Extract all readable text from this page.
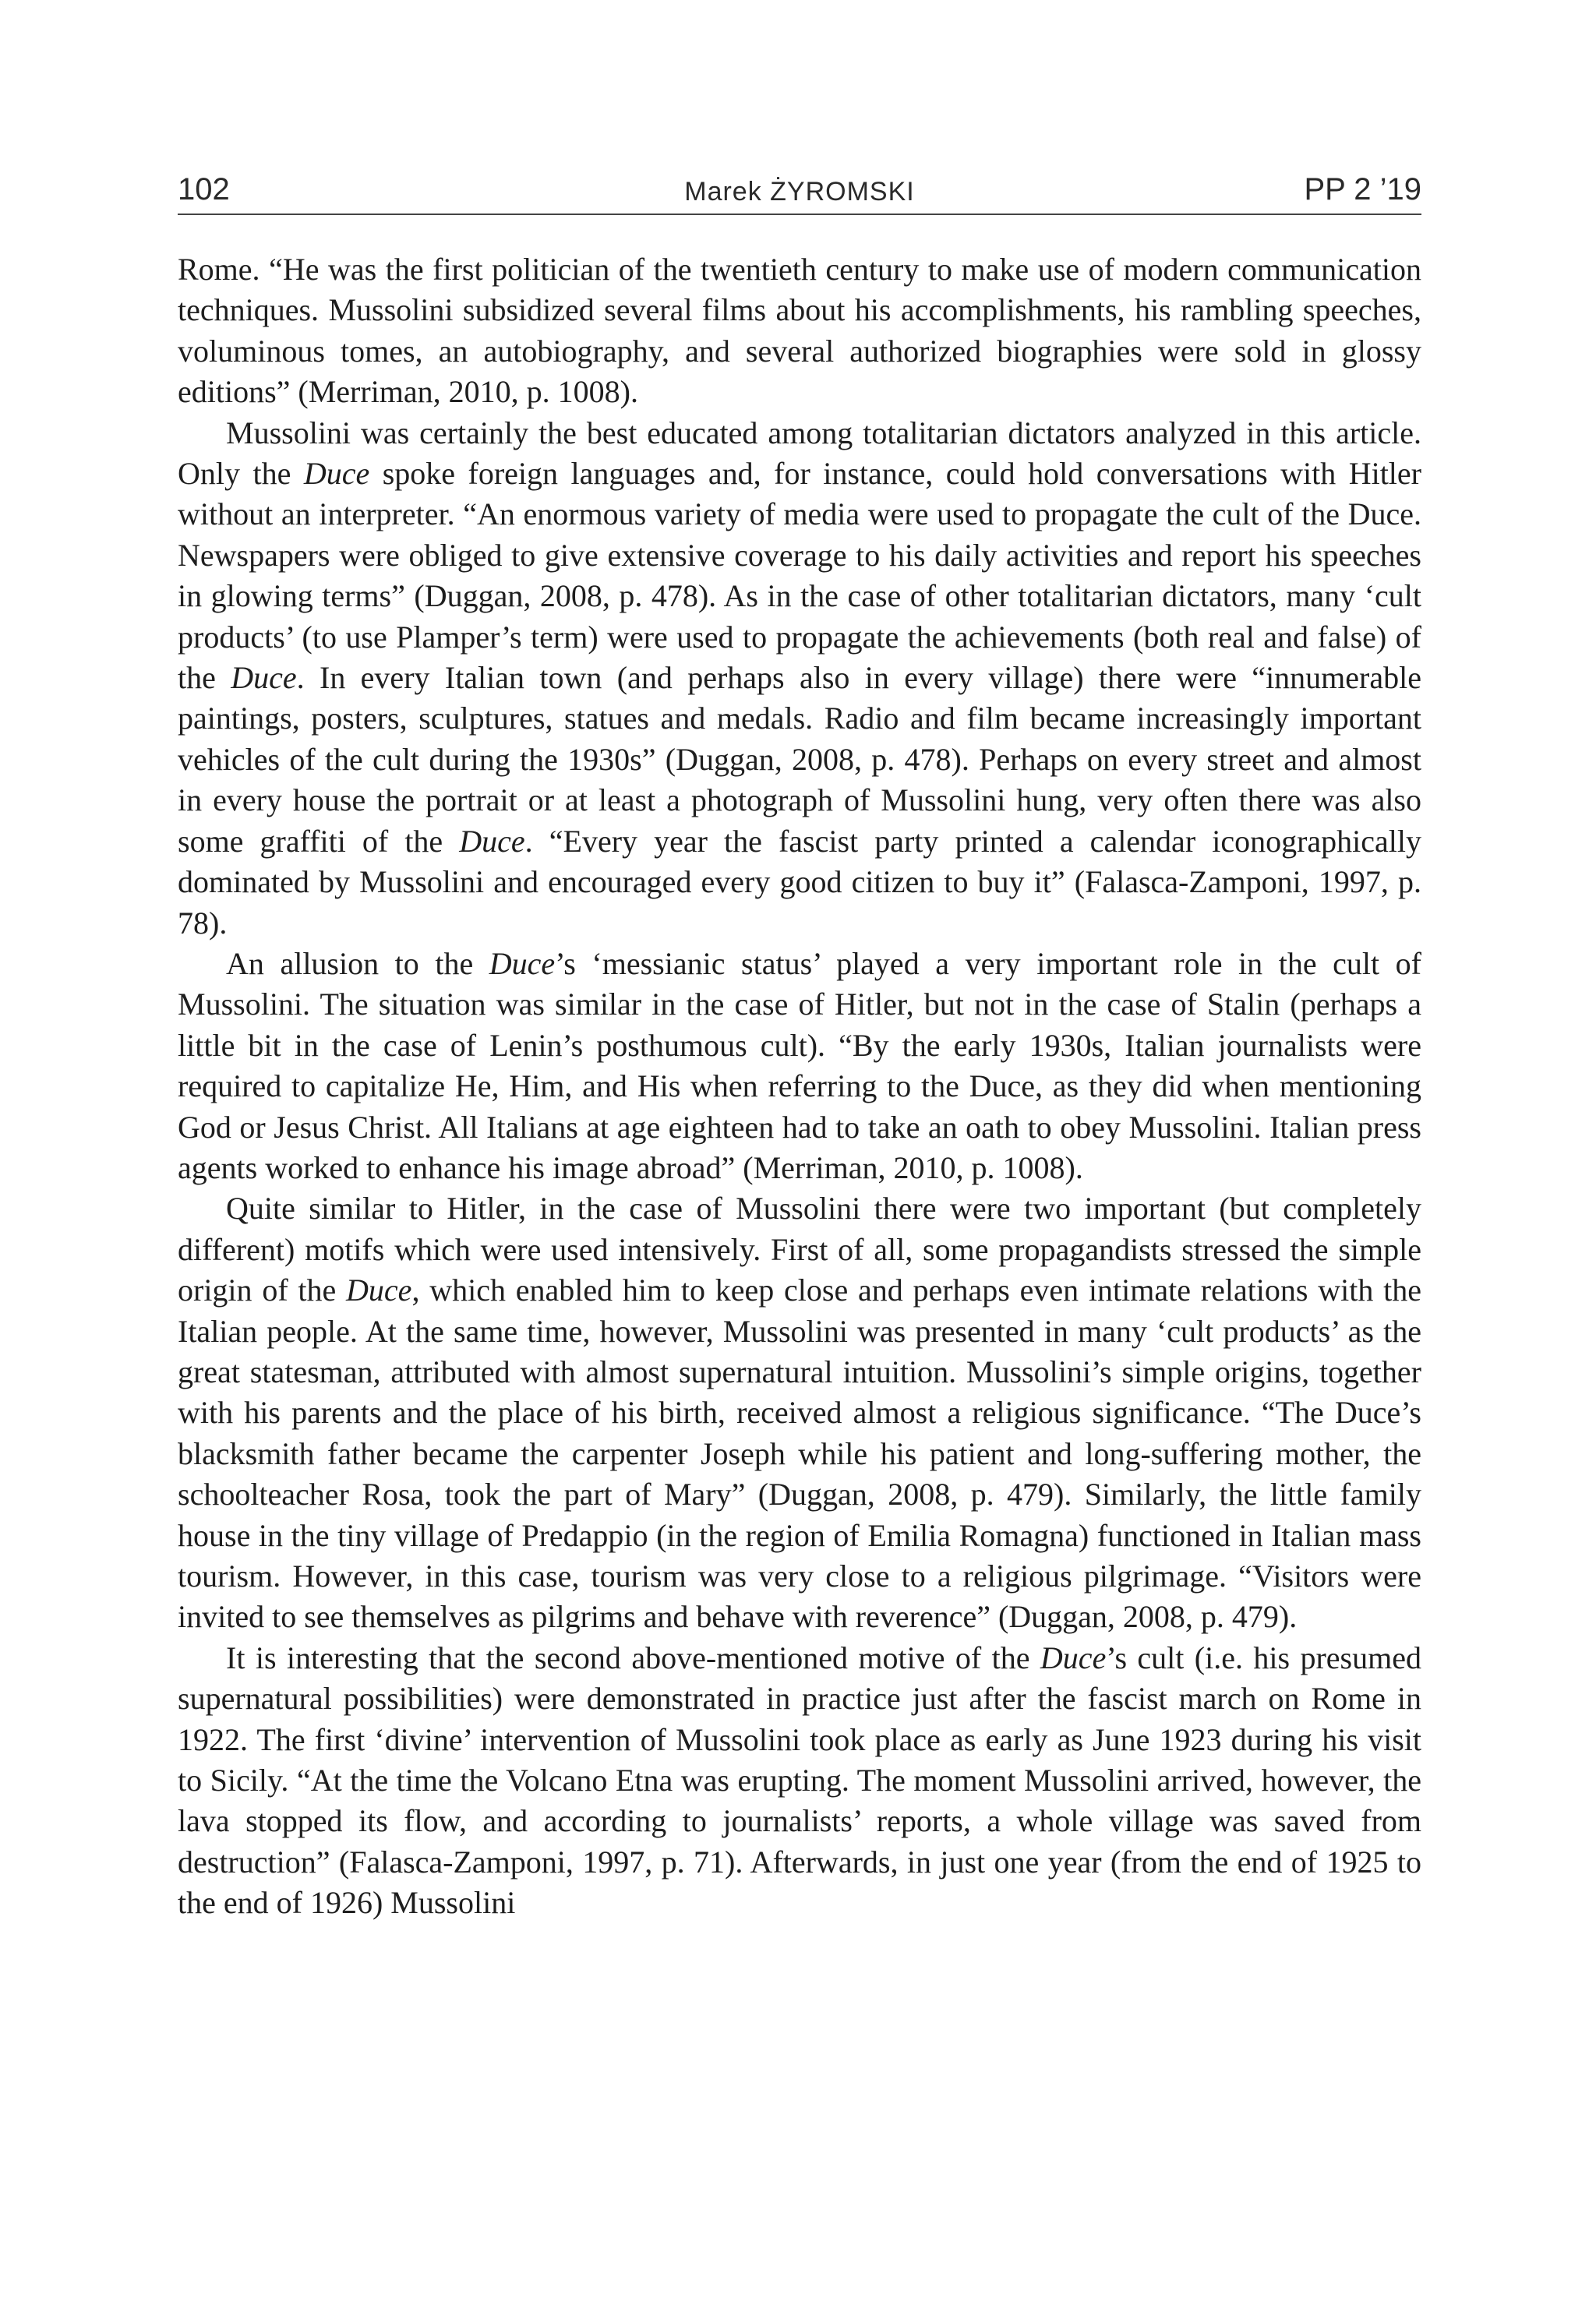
102	Marek ŻYROMSKI	PP 2 ’19

Rome. “He was the first politician of the twentieth century to make use of modern communication techniques. Mussolini subsidized several films about his accomplishments, his rambling speeches, voluminous tomes, an autobiography, and several authorized biographies were sold in glossy editions” (Merriman, 2010, p. 1008).

Mussolini was certainly the best educated among totalitarian dictators analyzed in this article. Only the Duce spoke foreign languages and, for instance, could hold conversations with Hitler without an interpreter. “An enormous variety of media were used to propagate the cult of the Duce. Newspapers were obliged to give extensive coverage to his daily activities and report his speeches in glowing terms” (Duggan, 2008, p. 478). As in the case of other totalitarian dictators, many ‘cult products’ (to use Plamper’s term) were used to propagate the achievements (both real and false) of the Duce. In every Italian town (and perhaps also in every village) there were “innumerable paintings, posters, sculptures, statues and medals. Radio and film became increasingly important vehicles of the cult during the 1930s” (Duggan, 2008, p. 478). Perhaps on every street and almost in every house the portrait or at least a photograph of Mussolini hung, very often there was also some graffiti of the Duce. “Every year the fascist party printed a calendar iconographically dominated by Mussolini and encouraged every good citizen to buy it” (Falasca-Zamponi, 1997, p. 78).

An allusion to the Duce’s ‘messianic status’ played a very important role in the cult of Mussolini. The situation was similar in the case of Hitler, but not in the case of Stalin (perhaps a little bit in the case of Lenin’s posthumous cult). “By the early 1930s, Italian journalists were required to capitalize He, Him, and His when referring to the Duce, as they did when mentioning God or Jesus Christ. All Italians at age eighteen had to take an oath to obey Mussolini. Italian press agents worked to enhance his image abroad” (Merriman, 2010, p. 1008).

Quite similar to Hitler, in the case of Mussolini there were two important (but completely different) motifs which were used intensively. First of all, some propagandists stressed the simple origin of the Duce, which enabled him to keep close and perhaps even intimate relations with the Italian people. At the same time, however, Mussolini was presented in many ‘cult products’ as the great statesman, attributed with almost supernatural intuition. Mussolini’s simple origins, together with his parents and the place of his birth, received almost a religious significance. “The Duce’s blacksmith father became the carpenter Joseph while his patient and long-suffering mother, the schoolteacher Rosa, took the part of Mary” (Duggan, 2008, p. 479). Similarly, the little family house in the tiny village of Predappio (in the region of Emilia Romagna) functioned in Italian mass tourism. However, in this case, tourism was very close to a religious pilgrimage. “Visitors were invited to see themselves as pilgrims and behave with reverence” (Duggan, 2008, p. 479).

It is interesting that the second above-mentioned motive of the Duce’s cult (i.e. his presumed supernatural possibilities) were demonstrated in practice just after the fascist march on Rome in 1922. The first ‘divine’ intervention of Mussolini took place as early as June 1923 during his visit to Sicily. “At the time the Volcano Etna was erupting. The moment Mussolini arrived, however, the lava stopped its flow, and according to journalists’ reports, a whole village was saved from destruction” (Falasca-Zamponi, 1997, p. 71). Afterwards, in just one year (from the end of 1925 to the end of 1926) Mussolini
